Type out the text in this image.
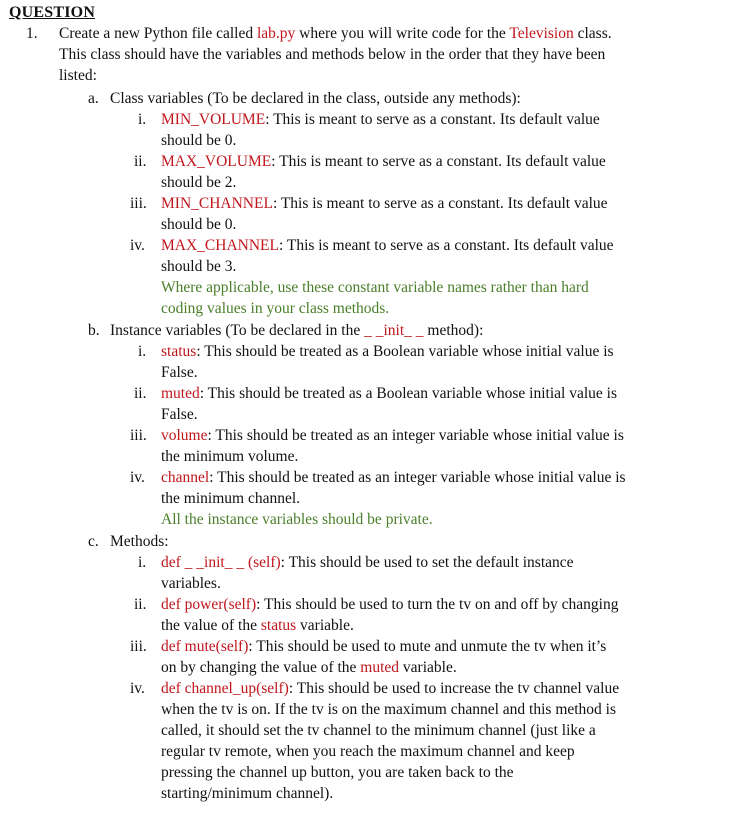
QUESTION
1. Create a new Python file called lab.py where you will write code for the Television class.
This class should have the variables and methods below in the order that they have been
listed:
a. Class variables (To be declared in the class, outside any methods):
i. MIN_VOLUME: This is meant to serve as a constant. Its default value
should be 0.
ii. MAX_VOLUME: This is meant to serve as a constant. Its default value
should be 2.
iii. MIN_CHANNEL: This is meant to serve as a constant. Its default value
should be 0.
iv. MAX_CHANNEL: This is meant to serve as a constant. Its default value
should be 3.
Where applicable, use these constant variable names rather than hard
coding values in your class methods.
b. Instance variables (To be declared in the _ _init_ _ method):
i. status: This should be treated as a Boolean variable whose initial value is
False.
ii. muted: This should be treated as a Boolean variable whose initial value is
False.
iii. volume: This should be treated as an integer variable whose initial value is
the minimum volume.
iv. channel: This should be treated as an integer variable whose initial value is
the minimum channel.
All the instance variables should be private.
c. Methods:
i. def _ _init_ _ (self): This should be used to set the default instance
variables.
ii. def power(self): This should be used to turn the tv on and off by changing
the value of the status variable.
iii. def mute(self): This should be used to mute and unmute the tv when it’s
on by changing the value of the muted variable.
iv. def channel_up(self): This should be used to increase the tv channel value
when the tv is on. If the tv is on the maximum channel and this method is
called, it should set the tv channel to the minimum channel (just like a
regular tv remote, when you reach the maximum channel and keep
pressing the channel up button, you are taken back to the
starting/minimum channel).
